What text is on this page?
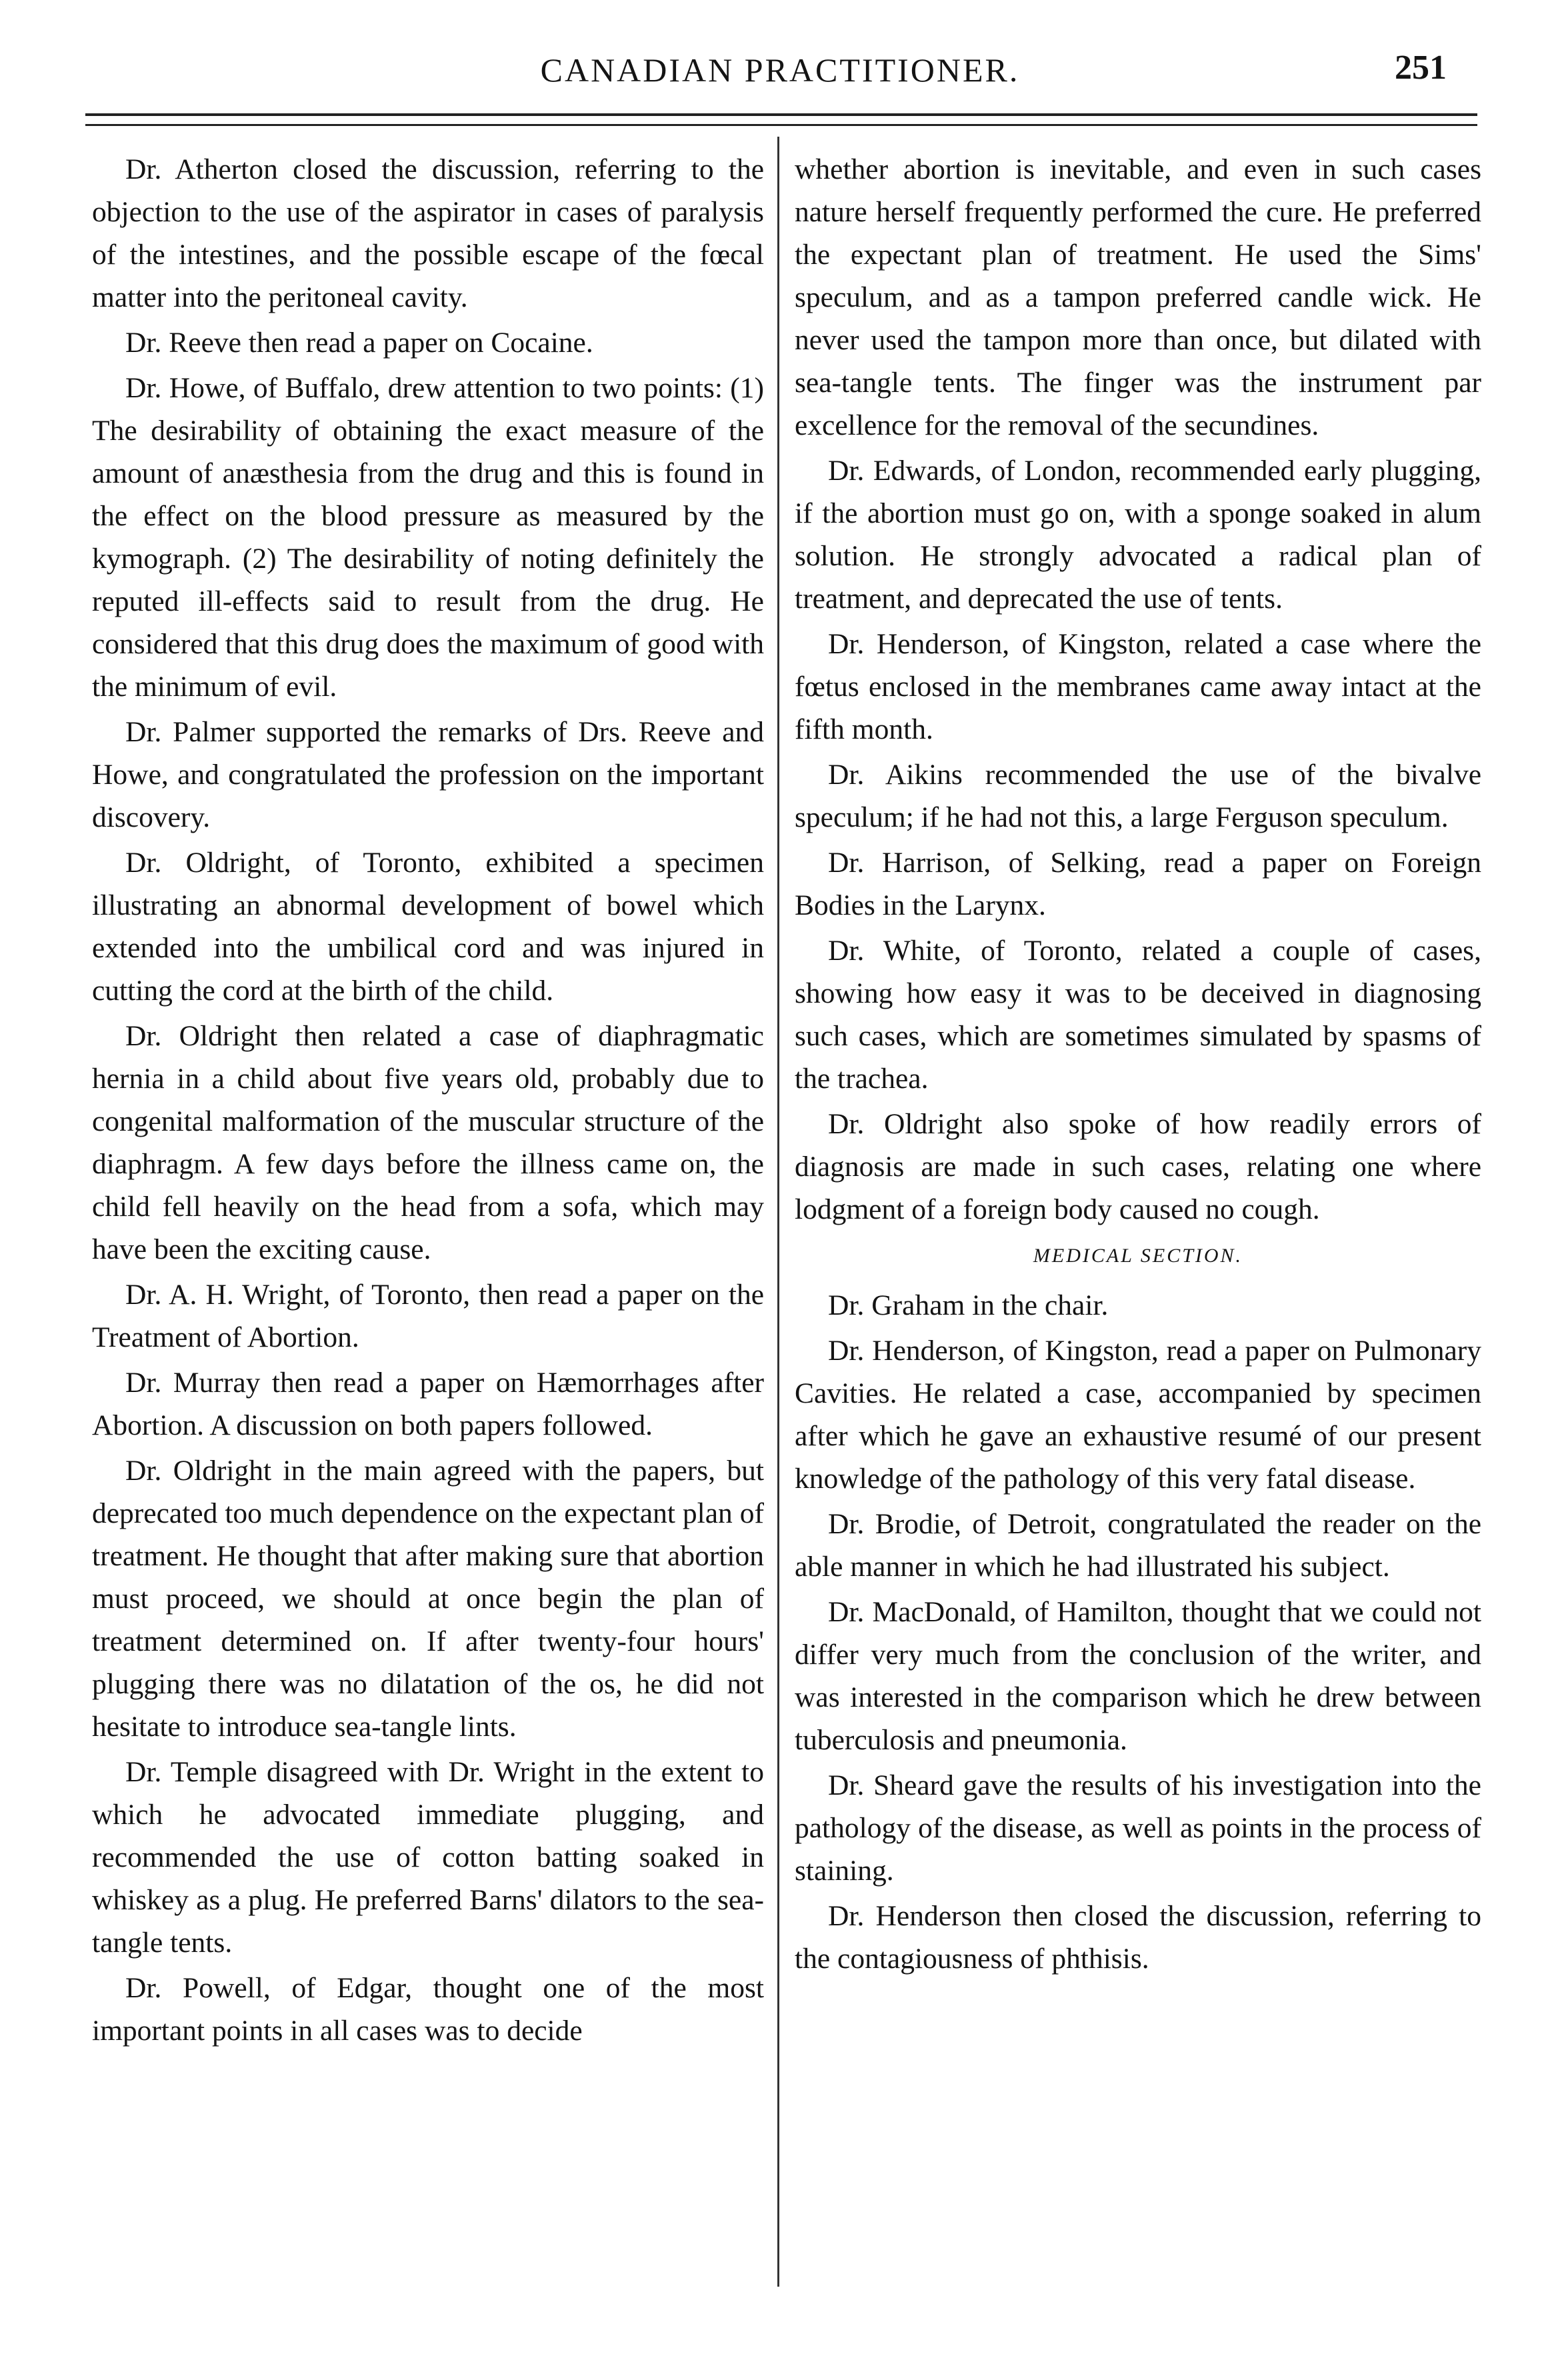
CANADIAN PRACTITIONER.	251

Dr. Atherton closed the discussion, referring to the objection to the use of the aspirator in cases of paralysis of the intestines, and the possible escape of the fœcal matter into the peritoneal cavity.

Dr. Reeve then read a paper on Cocaine.

Dr. Howe, of Buffalo, drew attention to two points: (1) The desirability of obtaining the exact measure of the amount of anæsthesia from the drug and this is found in the effect on the blood pressure as measured by the kymograph. (2) The desirability of noting definitely the reputed ill-effects said to result from the drug. He considered that this drug does the maximum of good with the minimum of evil.

Dr. Palmer supported the remarks of Drs. Reeve and Howe, and congratulated the profession on the important discovery.

Dr. Oldright, of Toronto, exhibited a specimen illustrating an abnormal development of bowel which extended into the umbilical cord and was injured in cutting the cord at the birth of the child.

Dr. Oldright then related a case of diaphragmatic hernia in a child about five years old, probably due to congenital malformation of the muscular structure of the diaphragm. A few days before the illness came on, the child fell heavily on the head from a sofa, which may have been the exciting cause.

Dr. A. H. Wright, of Toronto, then read a paper on the Treatment of Abortion.

Dr. Murray then read a paper on Hæmorrhages after Abortion. A discussion on both papers followed.

Dr. Oldright in the main agreed with the papers, but deprecated too much dependence on the expectant plan of treatment. He thought that after making sure that abortion must proceed, we should at once begin the plan of treatment determined on. If after twenty-four hours' plugging there was no dilatation of the os, he did not hesitate to introduce sea-tangle lints.

Dr. Temple disagreed with Dr. Wright in the extent to which he advocated immediate plugging, and recommended the use of cotton batting soaked in whiskey as a plug. He preferred Barns' dilators to the sea-tangle tents.

Dr. Powell, of Edgar, thought one of the most important points in all cases was to decide

whether abortion is inevitable, and even in such cases nature herself frequently performed the cure. He preferred the expectant plan of treatment. He used the Sims' speculum, and as a tampon preferred candle wick. He never used the tampon more than once, but dilated with sea-tangle tents. The finger was the instrument par excellence for the removal of the secundines.

Dr. Edwards, of London, recommended early plugging, if the abortion must go on, with a sponge soaked in alum solution. He strongly advocated a radical plan of treatment, and deprecated the use of tents.

Dr. Henderson, of Kingston, related a case where the fœtus enclosed in the membranes came away intact at the fifth month.

Dr. Aikins recommended the use of the bivalve speculum; if he had not this, a large Ferguson speculum.

Dr. Harrison, of Selking, read a paper on Foreign Bodies in the Larynx.

Dr. White, of Toronto, related a couple of cases, showing how easy it was to be deceived in diagnosing such cases, which are sometimes simulated by spasms of the trachea.

Dr. Oldright also spoke of how readily errors of diagnosis are made in such cases, relating one where lodgment of a foreign body caused no cough.

MEDICAL SECTION.

Dr. Graham in the chair.

Dr. Henderson, of Kingston, read a paper on Pulmonary Cavities. He related a case, accompanied by specimen after which he gave an exhaustive resumé of our present knowledge of the pathology of this very fatal disease.

Dr. Brodie, of Detroit, congratulated the reader on the able manner in which he had illustrated his subject.

Dr. MacDonald, of Hamilton, thought that we could not differ very much from the conclusion of the writer, and was interested in the comparison which he drew between tuberculosis and pneumonia.

Dr. Sheard gave the results of his investigation into the pathology of the disease, as well as points in the process of staining.

Dr. Henderson then closed the discussion, referring to the contagiousness of phthisis.
